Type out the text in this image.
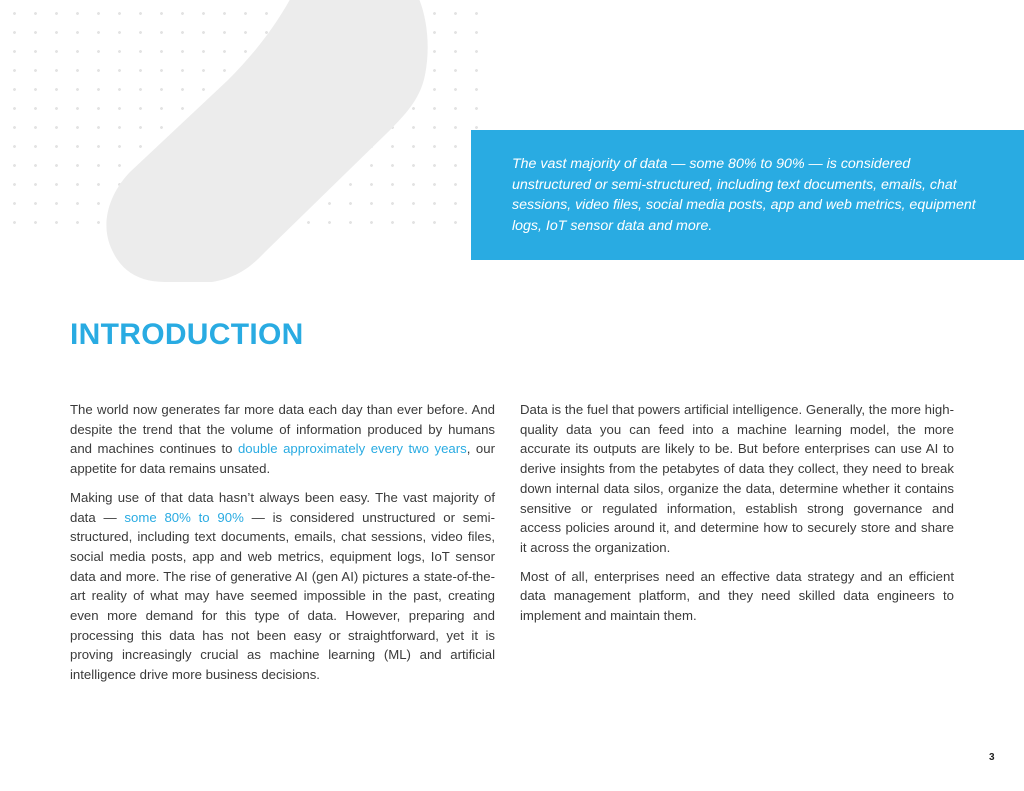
The vast majority of data — some 80% to 90% — is considered unstructured or semi-structured, including text documents, emails, chat sessions, video files, social media posts, app and web metrics, equipment logs, IoT sensor data and more.

INTRODUCTION

The world now generates far more data each day than ever before. And despite the trend that the volume of information produced by humans and machines continues to double approximately every two years, our appetite for data remains unsated.

Making use of that data hasn’t always been easy. The vast majority of data — some 80% to 90% — is considered unstructured or semi-structured, including text documents, emails, chat sessions, video files, social media posts, app and web metrics, equipment logs, IoT sensor data and more. The rise of generative AI (gen AI) pictures a state-of-the-art reality of what may have seemed impossible in the past, creating even more demand for this type of data. However, preparing and processing this data has not been easy or straightforward, yet it is proving increasingly crucial as machine learning (ML) and artificial intelligence drive more business decisions.

Data is the fuel that powers artificial intelligence. Generally, the more high-quality data you can feed into a machine learning model, the more accurate its outputs are likely to be. But before enterprises can use AI to derive insights from the petabytes of data they collect, they need to break down internal data silos, organize the data, determine whether it contains sensitive or regulated information, establish strong governance and access policies around it, and determine how to securely store and share it across the organization.

Most of all, enterprises need an effective data strategy and an efficient data management platform, and they need skilled data engineers to implement and maintain them.

3
